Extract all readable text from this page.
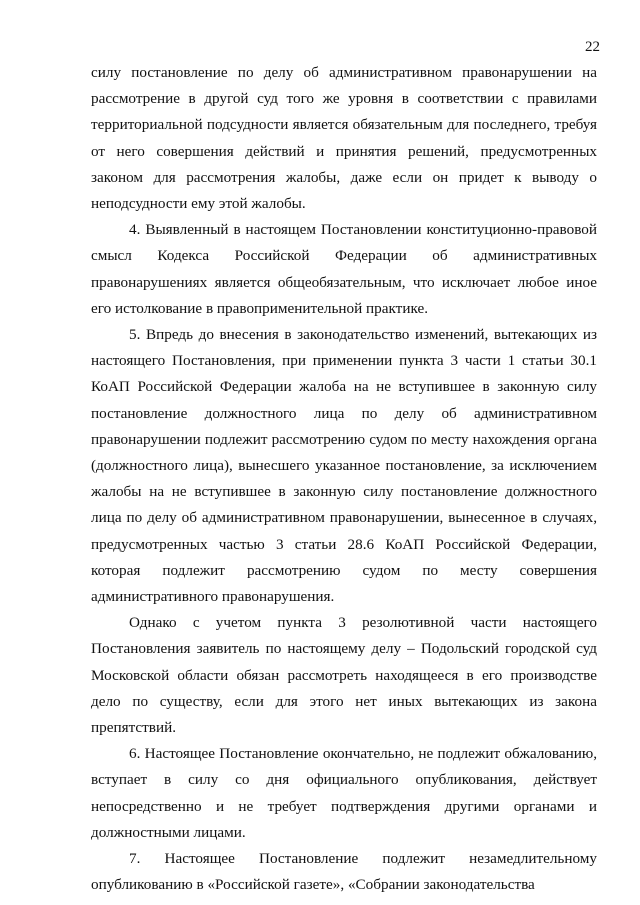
22

силу постановление по делу об административном правонарушении на рассмотрение в другой суд того же уровня в соответствии с правилами территориальной подсудности является обязательным для последнего, требуя от него совершения действий и принятия решений, предусмотренных законом для рассмотрения жалобы, даже если он придет к выводу о неподсудности ему этой жалобы.

4. Выявленный в настоящем Постановлении конституционно-правовой смысл Кодекса Российской Федерации об административных правонарушениях является общеобязательным, что исключает любое иное его истолкование в правоприменительной практике.

5. Впредь до внесения в законодательство изменений, вытекающих из настоящего Постановления, при применении пункта 3 части 1 статьи 30.1 КоАП Российской Федерации жалоба на не вступившее в законную силу постановление должностного лица по делу об административном правонарушении подлежит рассмотрению судом по месту нахождения органа (должностного лица), вынесшего указанное постановление, за исключением жалобы на не вступившее в законную силу постановление должностного лица по делу об административном правонарушении, вынесенное в случаях, предусмотренных частью 3 статьи 28.6 КоАП Российской Федерации, которая подлежит рассмотрению судом по месту совершения административного правонарушения.

Однако с учетом пункта 3 резолютивной части настоящего Постановления заявитель по настоящему делу – Подольский городской суд Московской области обязан рассмотреть находящееся в его производстве дело по существу, если для этого нет иных вытекающих из закона препятствий.

6. Настоящее Постановление окончательно, не подлежит обжалованию, вступает в силу со дня официального опубликования, действует непосредственно и не требует подтверждения другими органами и должностными лицами.

7. Настоящее Постановление подлежит незамедлительному опубликованию в «Российской газете», «Собрании законодательства
